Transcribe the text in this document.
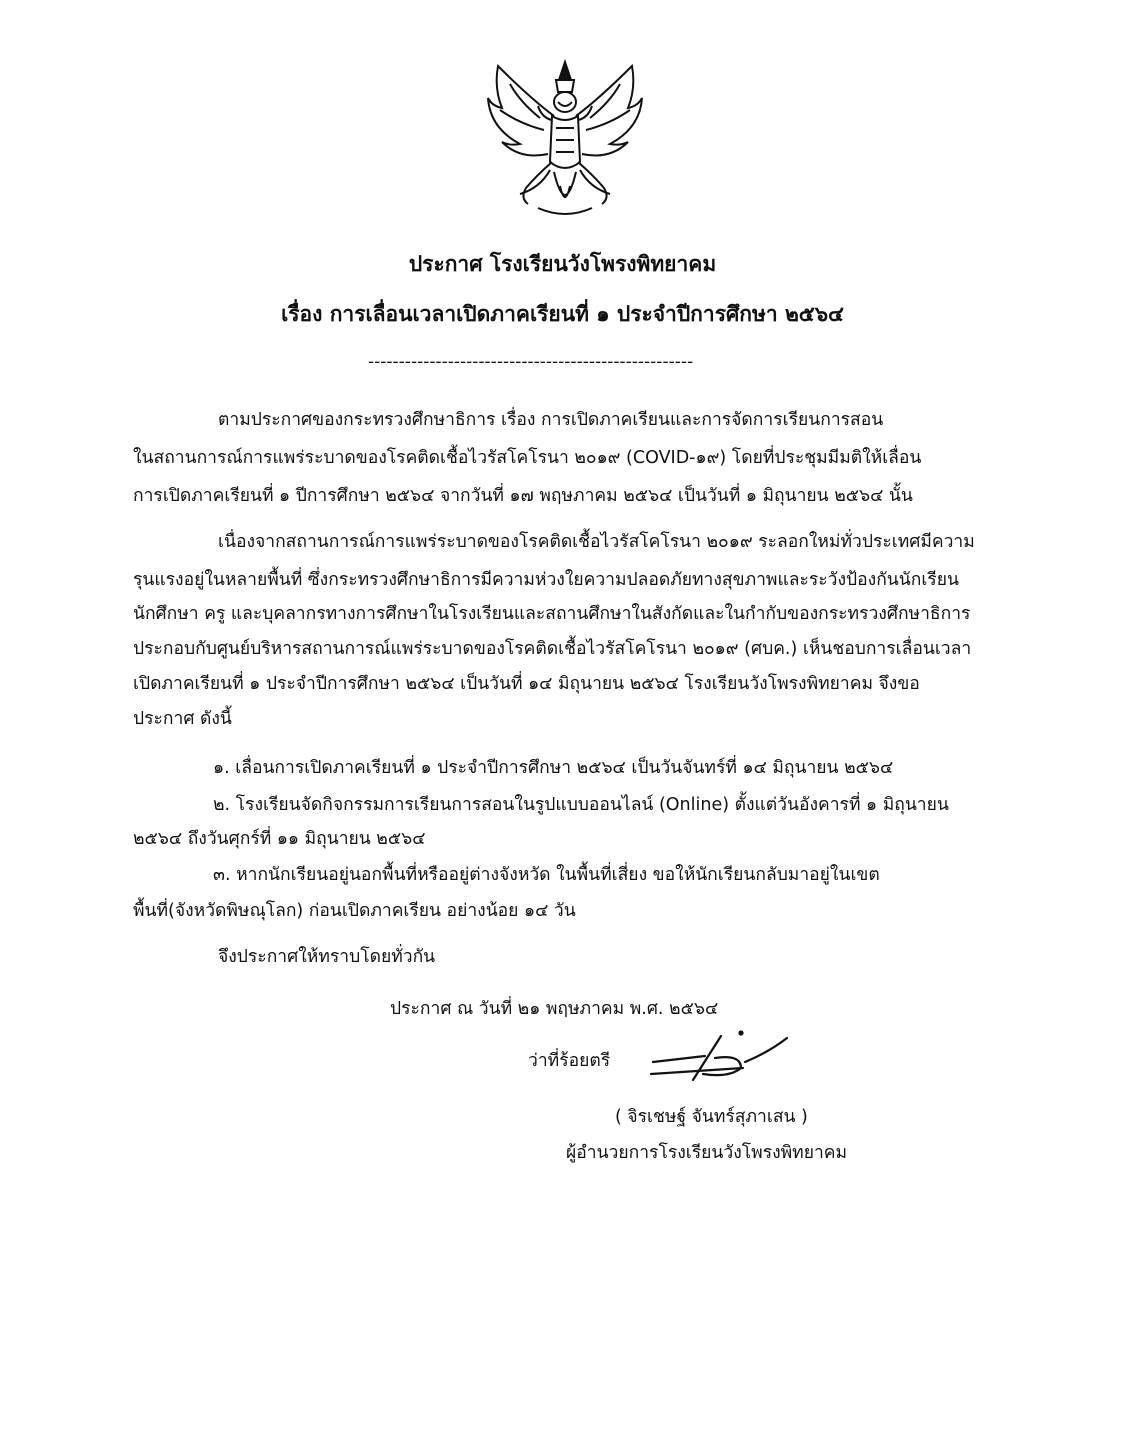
ประกาศ โรงเรียนวังโพรงพิทยาคม
เรื่อง การเลื่อนเวลาเปิดภาคเรียนที่ ๑ ประจำปีการศึกษา ๒๕๖๔
-----------------------------------------------------
ตามประกาศของกระทรวงศึกษาธิการ เรื่อง การเปิดภาคเรียนและการจัดการเรียนการสอน
ในสถานการณ์การแพร่ระบาดของโรคติดเชื้อไวรัสโคโรนา ๒๐๑๙ (COVID-๑๙) โดยที่ประชุมมีมติให้เลื่อน
การเปิดภาคเรียนที่ ๑ ปีการศึกษา ๒๕๖๔ จากวันที่ ๑๗ พฤษภาคม ๒๕๖๔ เป็นวันที่ ๑ มิถุนายน ๒๕๖๔ นั้น
เนื่องจากสถานการณ์การแพร่ระบาดของโรคติดเชื้อไวรัสโคโรนา ๒๐๑๙ ระลอกใหม่ทั่วประเทศมีความ
รุนแรงอยู่ในหลายพื้นที่ ซึ่งกระทรวงศึกษาธิการมีความห่วงใยความปลอดภัยทางสุขภาพและระวังป้องกันนักเรียน
นักศึกษา ครู และบุคลากรทางการศึกษาในโรงเรียนและสถานศึกษาในสังกัดและในกำกับของกระทรวงศึกษาธิการ
ประกอบกับศูนย์บริหารสถานการณ์แพร่ระบาดของโรคติดเชื้อไวรัสโคโรนา ๒๐๑๙ (ศบค.) เห็นชอบการเลื่อนเวลา
เปิดภาคเรียนที่ ๑ ประจำปีการศึกษา ๒๕๖๔ เป็นวันที่ ๑๔ มิถุนายน ๒๕๖๔ โรงเรียนวังโพรงพิทยาคม จึงขอ
ประกาศ ดังนี้
๑. เลื่อนการเปิดภาคเรียนที่ ๑ ประจำปีการศึกษา ๒๕๖๔ เป็นวันจันทร์ที่ ๑๔ มิถุนายน ๒๕๖๔
๒. โรงเรียนจัดกิจกรรมการเรียนการสอนในรูปแบบออนไลน์ (Online) ตั้งแต่วันอังคารที่ ๑ มิถุนายน
๒๕๖๔ ถึงวันศุกร์ที่ ๑๑ มิถุนายน ๒๕๖๔
๓. หากนักเรียนอยู่นอกพื้นที่หรืออยู่ต่างจังหวัด ในพื้นที่เสี่ยง ขอให้นักเรียนกลับมาอยู่ในเขต
พื้นที่(จังหวัดพิษณุโลก) ก่อนเปิดภาคเรียน อย่างน้อย ๑๔ วัน
จึงประกาศให้ทราบโดยทั่วกัน
ประกาศ ณ วันที่ ๒๑ พฤษภาคม พ.ศ. ๒๕๖๔
ว่าที่ร้อยตรี
( จิรเชษฐ์ จันทร์สุภาเสน )
ผู้อำนวยการโรงเรียนวังโพรงพิทยาคม
